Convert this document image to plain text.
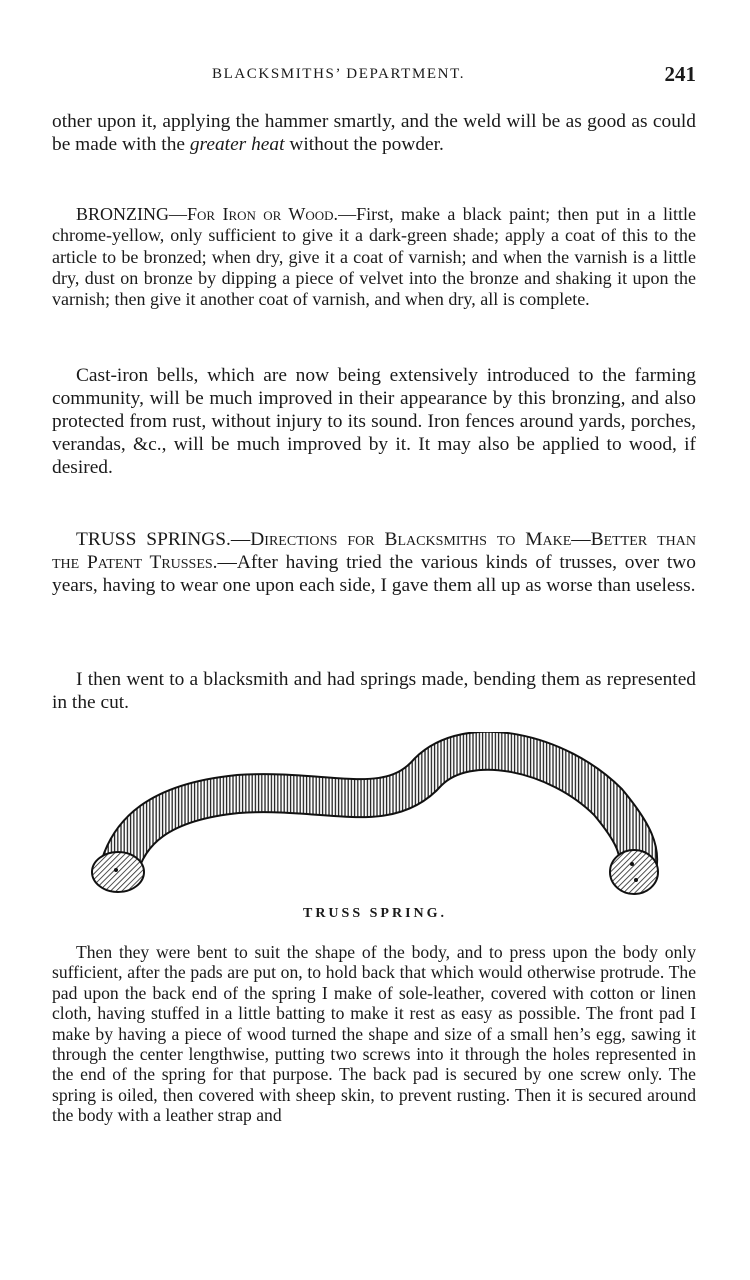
BLACKSMITHS’ DEPARTMENT.	241

other upon it, applying the hammer smartly, and the weld will be as good as could be made with the greater heat without the powder.

BRONZING—For Iron or Wood.—First, make a black paint; then put in a little chrome-yellow, only sufficient to give it a dark-green shade; apply a coat of this to the article to be bronzed; when dry, give it a coat of varnish; and when the varnish is a little dry, dust on bronze by dipping a piece of velvet into the bronze and shaking it upon the varnish; then give it another coat of varnish, and when dry, all is complete.

Cast-iron bells, which are now being extensively introduced to the farming community, will be much improved in their appearance by this bronzing, and also protected from rust, without injury to its sound. Iron fences around yards, porches, verandas, &c., will be much improved by it. It may also be applied to wood, if desired.

TRUSS SPRINGS.—Directions for Blacksmiths to Make—Better than the Patent Trusses.—After having tried the various kinds of trusses, over two years, having to wear one upon each side, I gave them all up as worse than useless.

I then went to a blacksmith and had springs made, bending them as represented in the cut.

TRUSS SPRING.

Then they were bent to suit the shape of the body, and to press upon the body only sufficient, after the pads are put on, to hold back that which would otherwise protrude. The pad upon the back end of the spring I make of sole-leather, covered with cotton or linen cloth, having stuffed in a little batting to make it rest as easy as possible. The front pad I make by having a piece of wood turned the shape and size of a small hen’s egg, sawing it through the center lengthwise, putting two screws into it through the holes represented in the end of the spring for that purpose. The back pad is secured by one screw only. The spring is oiled, then covered with sheep skin, to prevent rusting. Then it is secured around the body with a leather strap and
